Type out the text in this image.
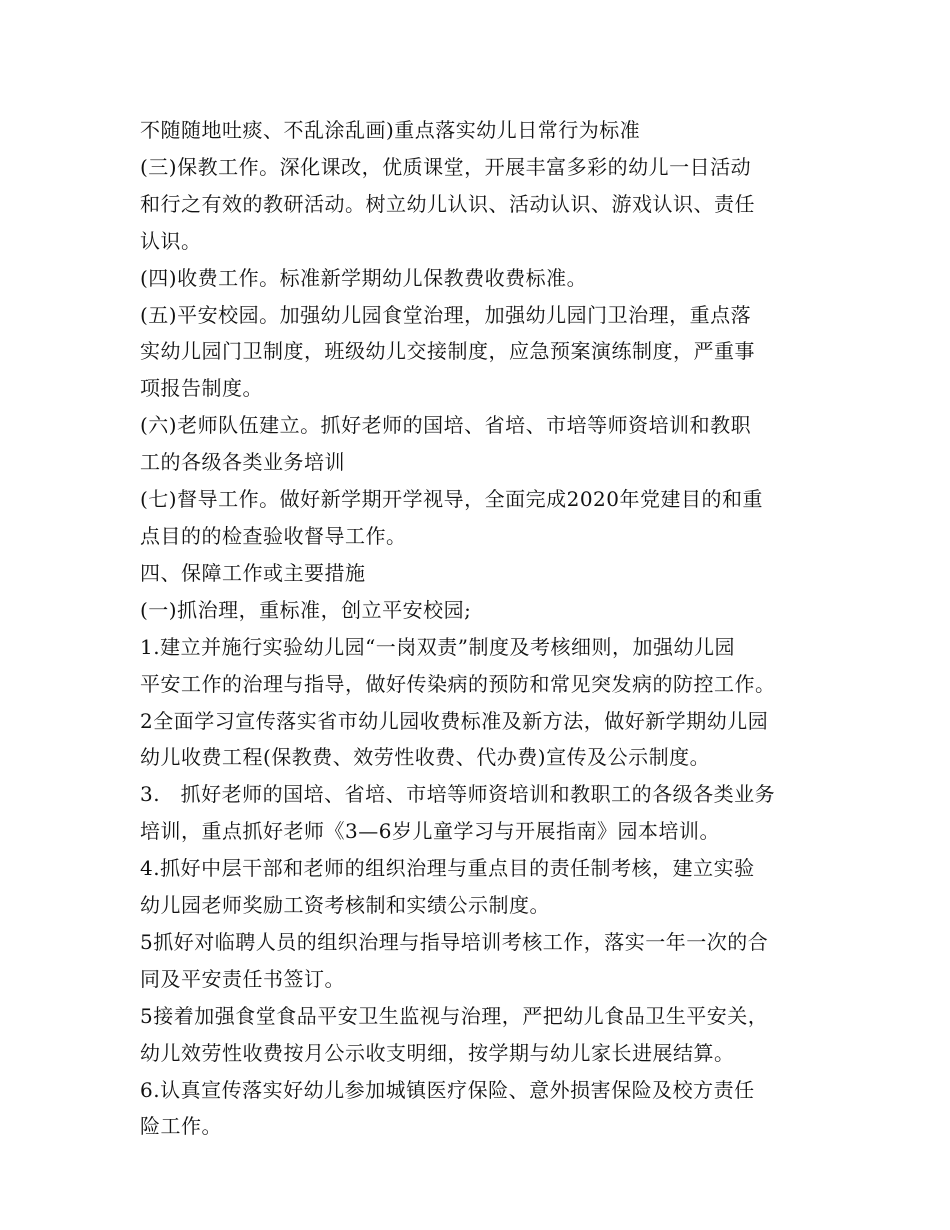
不随随地吐痰、不乱涂乱画)重点落实幼儿日常行为标准
(三)保教工作。深化课改，优质课堂，开展丰富多彩的幼儿一日活动
和行之有效的教研活动。树立幼儿认识、活动认识、游戏认识、责任
认识。
(四)收费工作。标准新学期幼儿保教费收费标准。
(五)平安校园。加强幼儿园食堂治理，加强幼儿园门卫治理，重点落
实幼儿园门卫制度，班级幼儿交接制度，应急预案演练制度，严重事
项报告制度。
(六)老师队伍建立。抓好老师的国培、省培、市培等师资培训和教职
工的各级各类业务培训
(七)督导工作。做好新学期开学视导，全面完成2020年党建目的和重
点目的的检查验收督导工作。
四、保障工作或主要措施
(一)抓治理，重标准，创立平安校园;
1.建立并施行实验幼儿园“一岗双责”制度及考核细则，加强幼儿园
平安工作的治理与指导，做好传染病的预防和常见突发病的防控工作。
2全面学习宣传落实省市幼儿园收费标准及新方法，做好新学期幼儿园
幼儿收费工程(保教费、效劳性收费、代办费)宣传及公示制度。
3.　抓好老师的国培、省培、市培等师资培训和教职工的各级各类业务
培训，重点抓好老师《3—6岁儿童学习与开展指南》园本培训。
4.抓好中层干部和老师的组织治理与重点目的责任制考核，建立实验
幼儿园老师奖励工资考核制和实绩公示制度。
5抓好对临聘人员的组织治理与指导培训考核工作，落实一年一次的合
同及平安责任书签订。
5接着加强食堂食品平安卫生监视与治理，严把幼儿食品卫生平安关，
幼儿效劳性收费按月公示收支明细，按学期与幼儿家长进展结算。
6.认真宣传落实好幼儿参加城镇医疗保险、意外损害保险及校方责任
险工作。
